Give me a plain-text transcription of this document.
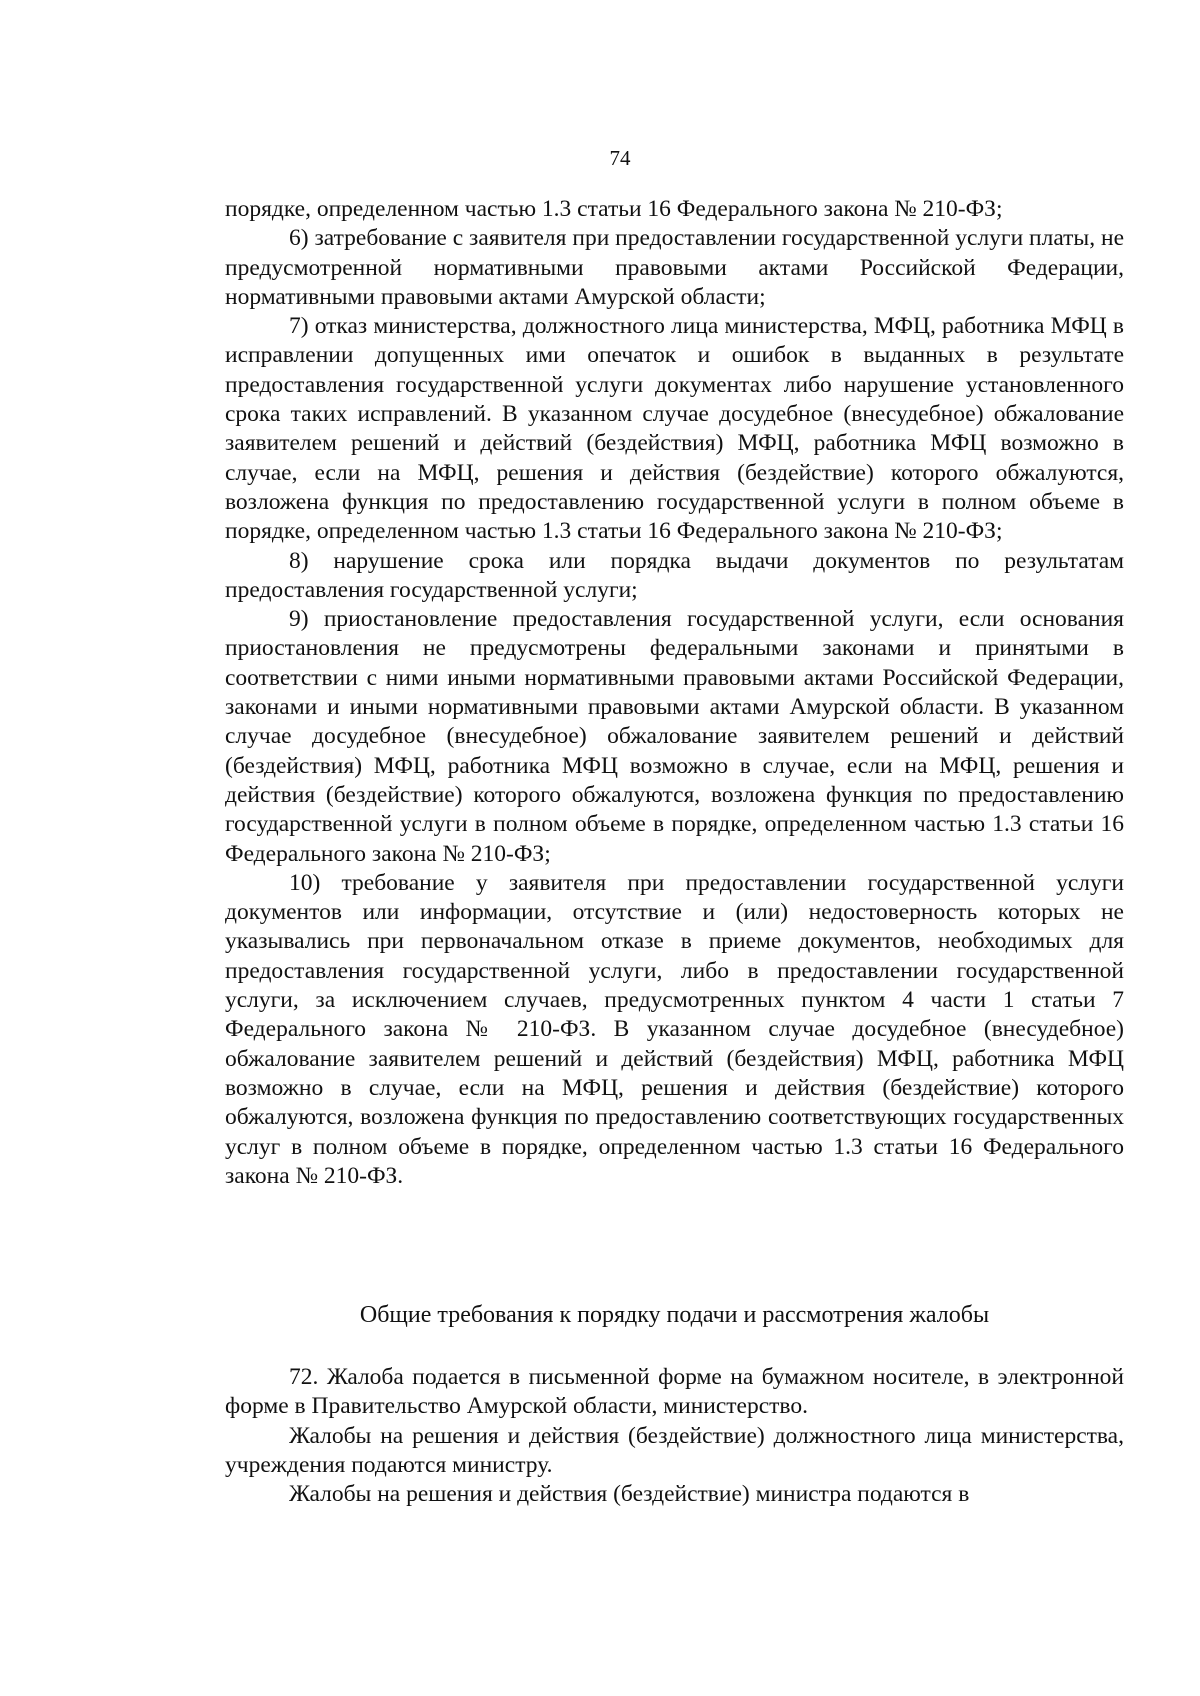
74

порядке, определенном частью 1.3 статьи 16 Федерального закона № 210-ФЗ;

6) затребование с заявителя при предоставлении государственной услуги платы, не предусмотренной нормативными правовыми актами Российской Федерации, нормативными правовыми актами Амурской области;

7) отказ министерства, должностного лица министерства, МФЦ, работника МФЦ в исправлении допущенных ими опечаток и ошибок в выданных в результате предоставления государственной услуги документах либо нарушение установленного срока таких исправлений. В указанном случае досудебное (внесудебное) обжалование заявителем решений и действий (бездействия) МФЦ, работника МФЦ возможно в случае, если на МФЦ, решения и действия (бездействие) которого обжалуются, возложена функция по предоставлению государственной услуги в полном объеме в порядке, определенном частью 1.3 статьи 16 Федерального закона № 210-ФЗ;

8) нарушение срока или порядка выдачи документов по результатам предоставления государственной услуги;

9) приостановление предоставления государственной услуги, если основания приостановления не предусмотрены федеральными законами и принятыми в соответствии с ними иными нормативными правовыми актами Российской Федерации, законами и иными нормативными правовыми актами Амурской области. В указанном случае досудебное (внесудебное) обжалование заявителем решений и действий (бездействия) МФЦ, работника МФЦ возможно в случае, если на МФЦ, решения и действия (бездействие) которого обжалуются, возложена функция по предоставлению государственной услуги в полном объеме в порядке, определенном частью 1.3 статьи 16 Федерального закона № 210-ФЗ;

10) требование у заявителя при предоставлении государственной услуги документов или информации, отсутствие и (или) недостоверность которых не указывались при первоначальном отказе в приеме документов, необходимых для предоставления государственной услуги, либо в предоставлении государственной услуги, за исключением случаев, предусмотренных пунктом 4 части 1 статьи 7 Федерального закона № 210-ФЗ. В указанном случае досудебное (внесудебное) обжалование заявителем решений и действий (бездействия) МФЦ, работника МФЦ возможно в случае, если на МФЦ, решения и действия (бездействие) которого обжалуются, возложена функция по предоставлению соответствующих государственных услуг в полном объеме в порядке, определенном частью 1.3 статьи 16 Федерального закона № 210-ФЗ.

Общие требования к порядку подачи и рассмотрения жалобы

72. Жалоба подается в письменной форме на бумажном носителе, в электронной форме в Правительство Амурской области, министерство.

Жалобы на решения и действия (бездействие) должностного лица министерства, учреждения подаются министру.

Жалобы на решения и действия (бездействие) министра подаются в
